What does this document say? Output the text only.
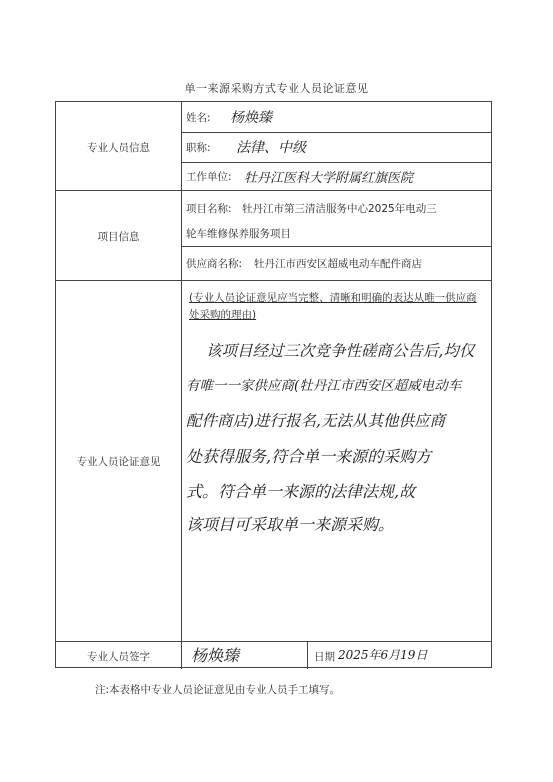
单一来源采购方式专业人员论证意见
专业人员信息
姓名: 杨焕臻
职称: 法律、中级
工作单位: 牡丹江医科大学附属红旗医院
项目信息
项目名称: 牡丹江市第三清洁服务中心2025年电动三
轮车维修保养服务项目
供应商名称: 牡丹江市西安区超威电动车配件商店
专业人员论证意见
(专业人员论证意见应当完整、清晰和明确的表达从唯一供应商处采购的理由)
该项目经过三次竞争性磋商公告后,均仅
有唯一一家供应商(牡丹江市西安区超威电动车
配件商店)进行报名,无法从其他供应商
处获得服务,符合单一来源的采购方
式。符合单一来源的法律法规,故
该项目可采取单一来源采购。
专业人员签字	杨焕臻	日期 2025年6月19日
注:本表格中专业人员论证意见由专业人员手工填写。
